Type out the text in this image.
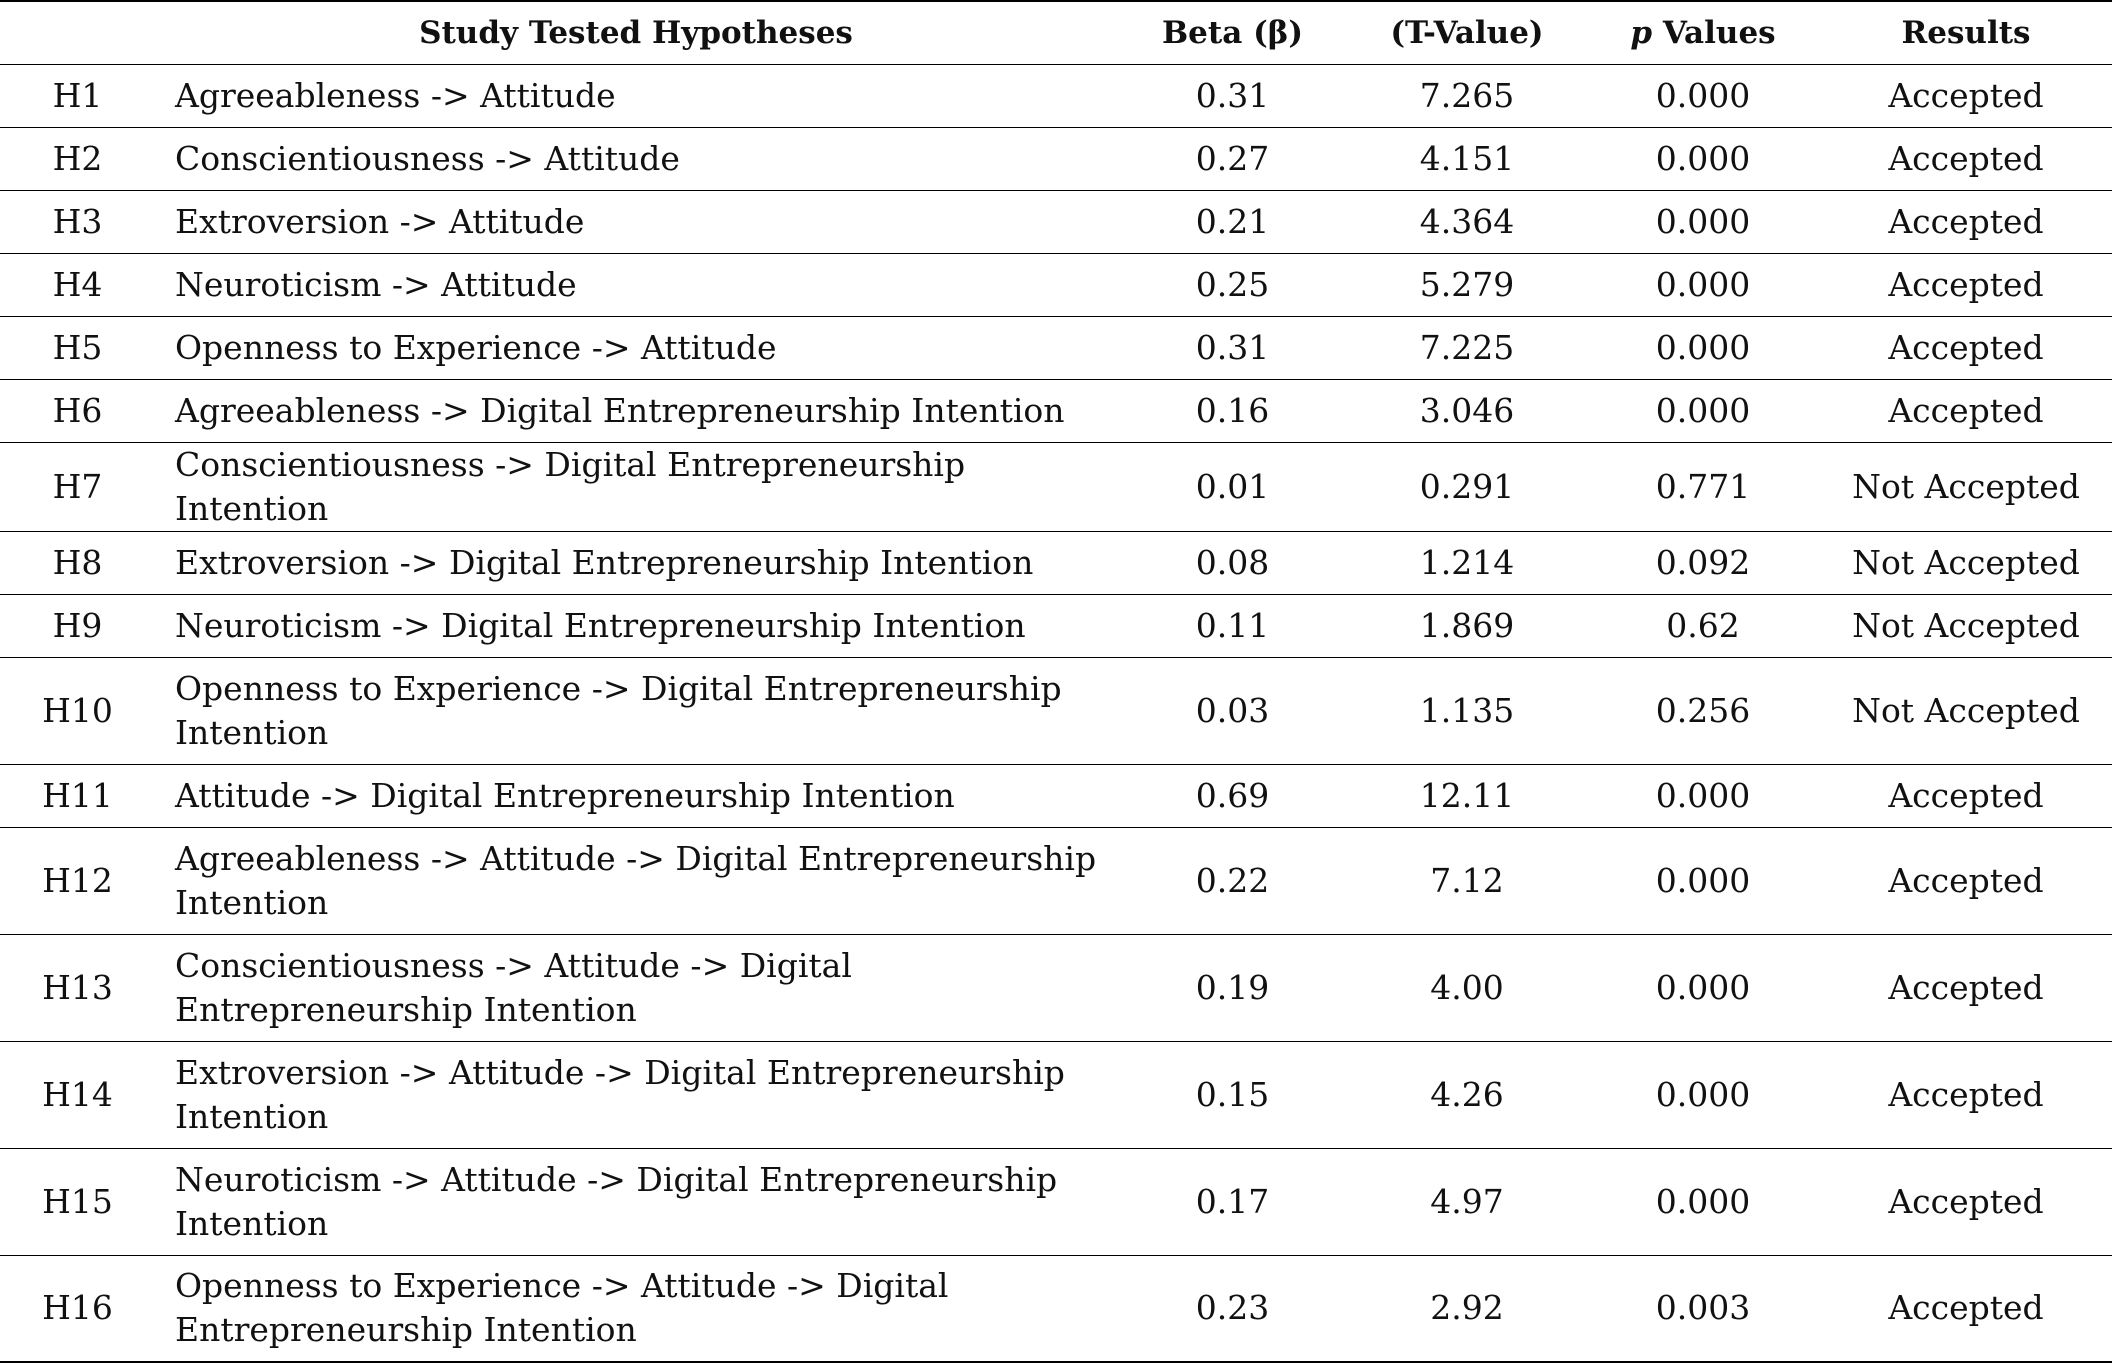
	Study Tested Hypotheses	Beta (β)	(T-Value)	p Values	Results
H1	Agreeableness -> Attitude	0.31	7.265	0.000	Accepted
H2	Conscientiousness -> Attitude	0.27	4.151	0.000	Accepted
H3	Extroversion -> Attitude	0.21	4.364	0.000	Accepted
H4	Neuroticism -> Attitude	0.25	5.279	0.000	Accepted
H5	Openness to Experience -> Attitude	0.31	7.225	0.000	Accepted
H6	Agreeableness -> Digital Entrepreneurship Intention	0.16	3.046	0.000	Accepted
H7	Conscientiousness -> Digital Entrepreneurship Intention	0.01	0.291	0.771	Not Accepted
H8	Extroversion -> Digital Entrepreneurship Intention	0.08	1.214	0.092	Not Accepted
H9	Neuroticism -> Digital Entrepreneurship Intention	0.11	1.869	0.62	Not Accepted
H10	Openness to Experience -> Digital Entrepreneurship Intention	0.03	1.135	0.256	Not Accepted
H11	Attitude -> Digital Entrepreneurship Intention	0.69	12.11	0.000	Accepted
H12	Agreeableness -> Attitude -> Digital Entrepreneurship Intention	0.22	7.12	0.000	Accepted
H13	Conscientiousness -> Attitude -> Digital Entrepreneurship Intention	0.19	4.00	0.000	Accepted
H14	Extroversion -> Attitude -> Digital Entrepreneurship Intention	0.15	4.26	0.000	Accepted
H15	Neuroticism -> Attitude -> Digital Entrepreneurship Intention	0.17	4.97	0.000	Accepted
H16	Openness to Experience -> Attitude -> Digital Entrepreneurship Intention	0.23	2.92	0.003	Accepted
